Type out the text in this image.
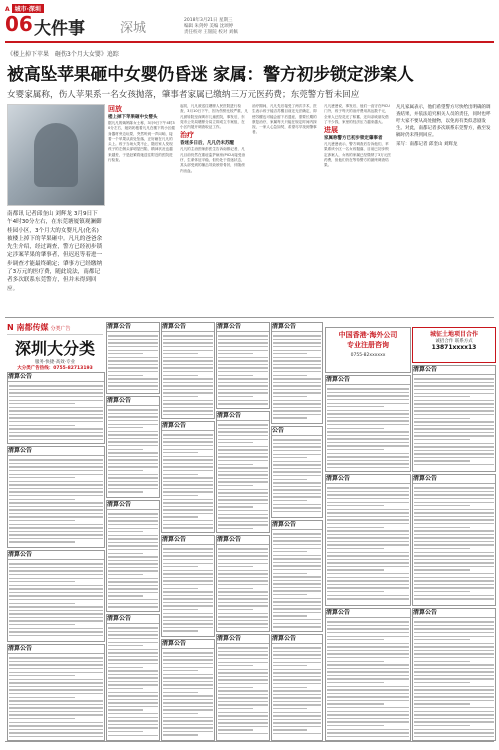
A 城市·深圳
06 大件事	深城
2018年3月21日 星期三
编辑 朱剑婷 美编 沈颂婷
责任校对 王银院 校对 刘佩
《楼上掉下苹果　砸伤3个月大女婴》追踪
被高坠苹果砸中女婴仍昏迷 家属：警方初步锁定涉案人
女婴家属称，伤人苹果系一名女孩抛落，肇事者家属已缴纳三万元医药费；东莞警方暂未回应
南都讯 记者邱奎山 刘辉龙 3月9日下午4时30分左右，在东莞塘厦镇观澜御桂园小区，3个月大的女婴凡凡(化名)被楼上掉下的苹果砸中。凡凡的爸爸余先生介绍，经过调查，警方已经初步锁定涉案苹果的肇事者，但迟迟等着进一步调查才能最终确定；肇事方已经缴纳了3万元的医疗费，随此说法，南都记者多次联系东莞警方，但并未得到回应。
回放
楼上掉下苹果砸中女婴头
据凡凡的姨妈陈女士称，3月9日下午4时30分左右，她奶奶抱着凡凡在楼下的小区健身器材旁边玩耍，突然听到一声闷响，接着一个苹果从高处坠落，正好砸在凡凡的头上。孩子当场大哭不止，随后家人发现孩子的左侧头部明显凹陷，精神状况也越来越差，于是赶紧将她送往附近的医院进行检查。
起初，凡凡被送往塘厦人民医院进行检查，3月10日下午，因为伤势比较严重，凡凡被转院至深圳市儿童医院，事发后，东莞市公安局塘厦分局立即成立专案组，在小区内展开调查取证工作。
治疗
昏迷多日后，凡凡仍未苏醒
凡凡的主治医师彭医生告诉南都记者，凡凡目前仍然在重症监护病房(PICU)接受治疗，生命体征平稳，但仍处于昏迷状态，其头部受到的撞击导致颅骨骨折，伴随颅内出血。
治疗期间，凡凡先后接受了两次手术，医生表示孩子能否苏醒目前还无法确定，即使苏醒也可能会留下后遗症，需要长期的康复治疗，家属每天只能在规定时间内探视，一家人心急如焚，希望尽早找到肇事者。
凡凡爸爸说，事发后，他们一直守在PICU门外，孩子每天的治疗费用高达数千元，全家人已经花光了积蓄，还向亲戚朋友借了不少钱，家里的经济压力越来越大。
进展
家属称警方已初步锁定肇事者
凡凡爸爸表示，警方调查后告诉他们，苹果系该小区一名女孩抛落，目前已初步锁定涉案人，女孩的家属已经缴纳了3万元医药费，但他们仍在等待警方的最终调查结果。
凡凡家属表示，他们希望警方尽快给出明确的调查结果，并依法追究相关人员的责任，同时也呼吁大家不要从高处抛物，以免再有类似悲剧发生。对此，南都记者多次联系东莞警方，截至发稿时仍未得到回应。
采写：南都记者 邱奎山 刘辉龙
N 南都传媒 分类广告
深圳大分类
服务·快捷·高效·专业
大分类广告热线：0755-82713193
清算公告
清算公告
清算公告
清算公告
清算公告
清算公告
清算公告
清算公告
清算公告
清算公告
清算公告
清算公告
清算公告
清算公告
清算公告
清算公告
清算公告
公告
清算公告
清算公告
清算公告
清算公告
清算公告
清算公告
清算公告
清算公告
中国香港·海外公司
专业注册咨询
0755-82xxxxxx
城征土地项目合作
诚招合作 联系方式
13871xxxx13
